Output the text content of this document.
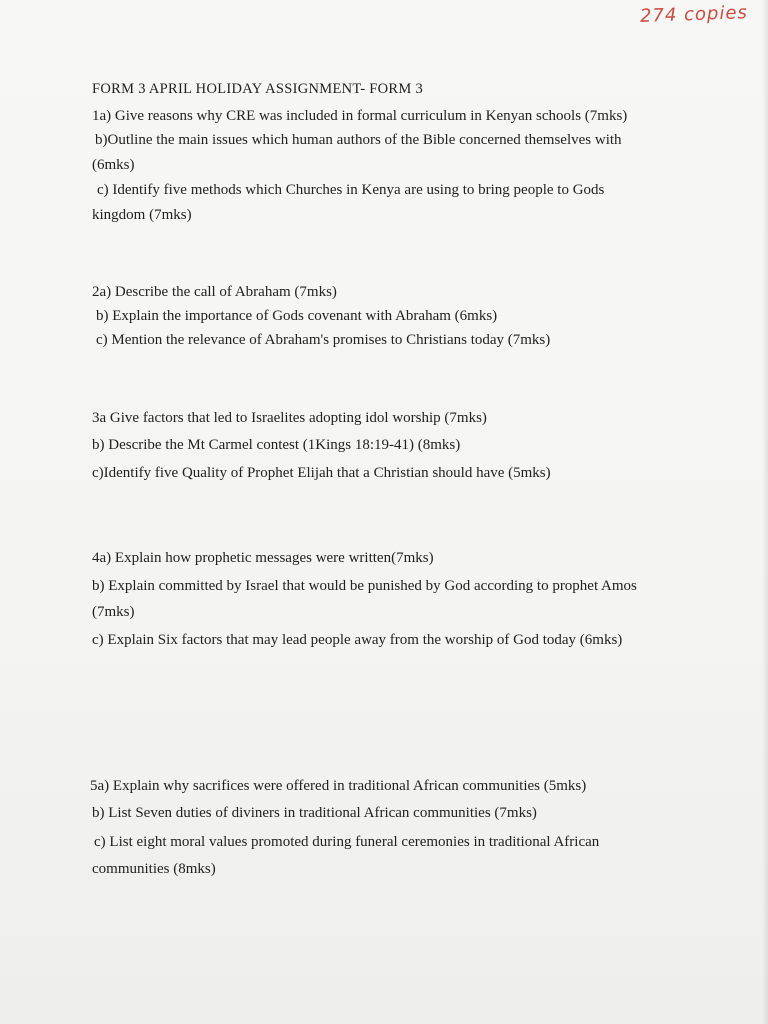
274 copies
FORM 3 APRIL HOLIDAY ASSIGNMENT- FORM 3
1a) Give reasons why CRE was included in formal curriculum in Kenyan schools (7mks)
b)Outline the main issues which human authors of the Bible concerned themselves with
(6mks)
c) Identify five methods which Churches in Kenya are using to bring people to Gods
kingdom (7mks)
2a) Describe the call of Abraham (7mks)
b) Explain the importance of Gods covenant with Abraham (6mks)
c) Mention the relevance of Abraham's promises to Christians today (7mks)
3a Give factors that led to Israelites adopting idol worship (7mks)
b) Describe the Mt Carmel contest (1Kings 18:19-41) (8mks)
c)Identify five Quality of Prophet Elijah that a Christian should have (5mks)
4a) Explain how prophetic messages were written(7mks)
b) Explain committed by Israel that would be punished by God according to prophet Amos
(7mks)
c) Explain Six factors that may lead people away from the worship of God today (6mks)
5a) Explain why sacrifices were offered in traditional African communities (5mks)
b) List Seven duties of diviners in traditional African communities (7mks)
c) List eight moral values promoted during funeral ceremonies in traditional African
communities (8mks)
